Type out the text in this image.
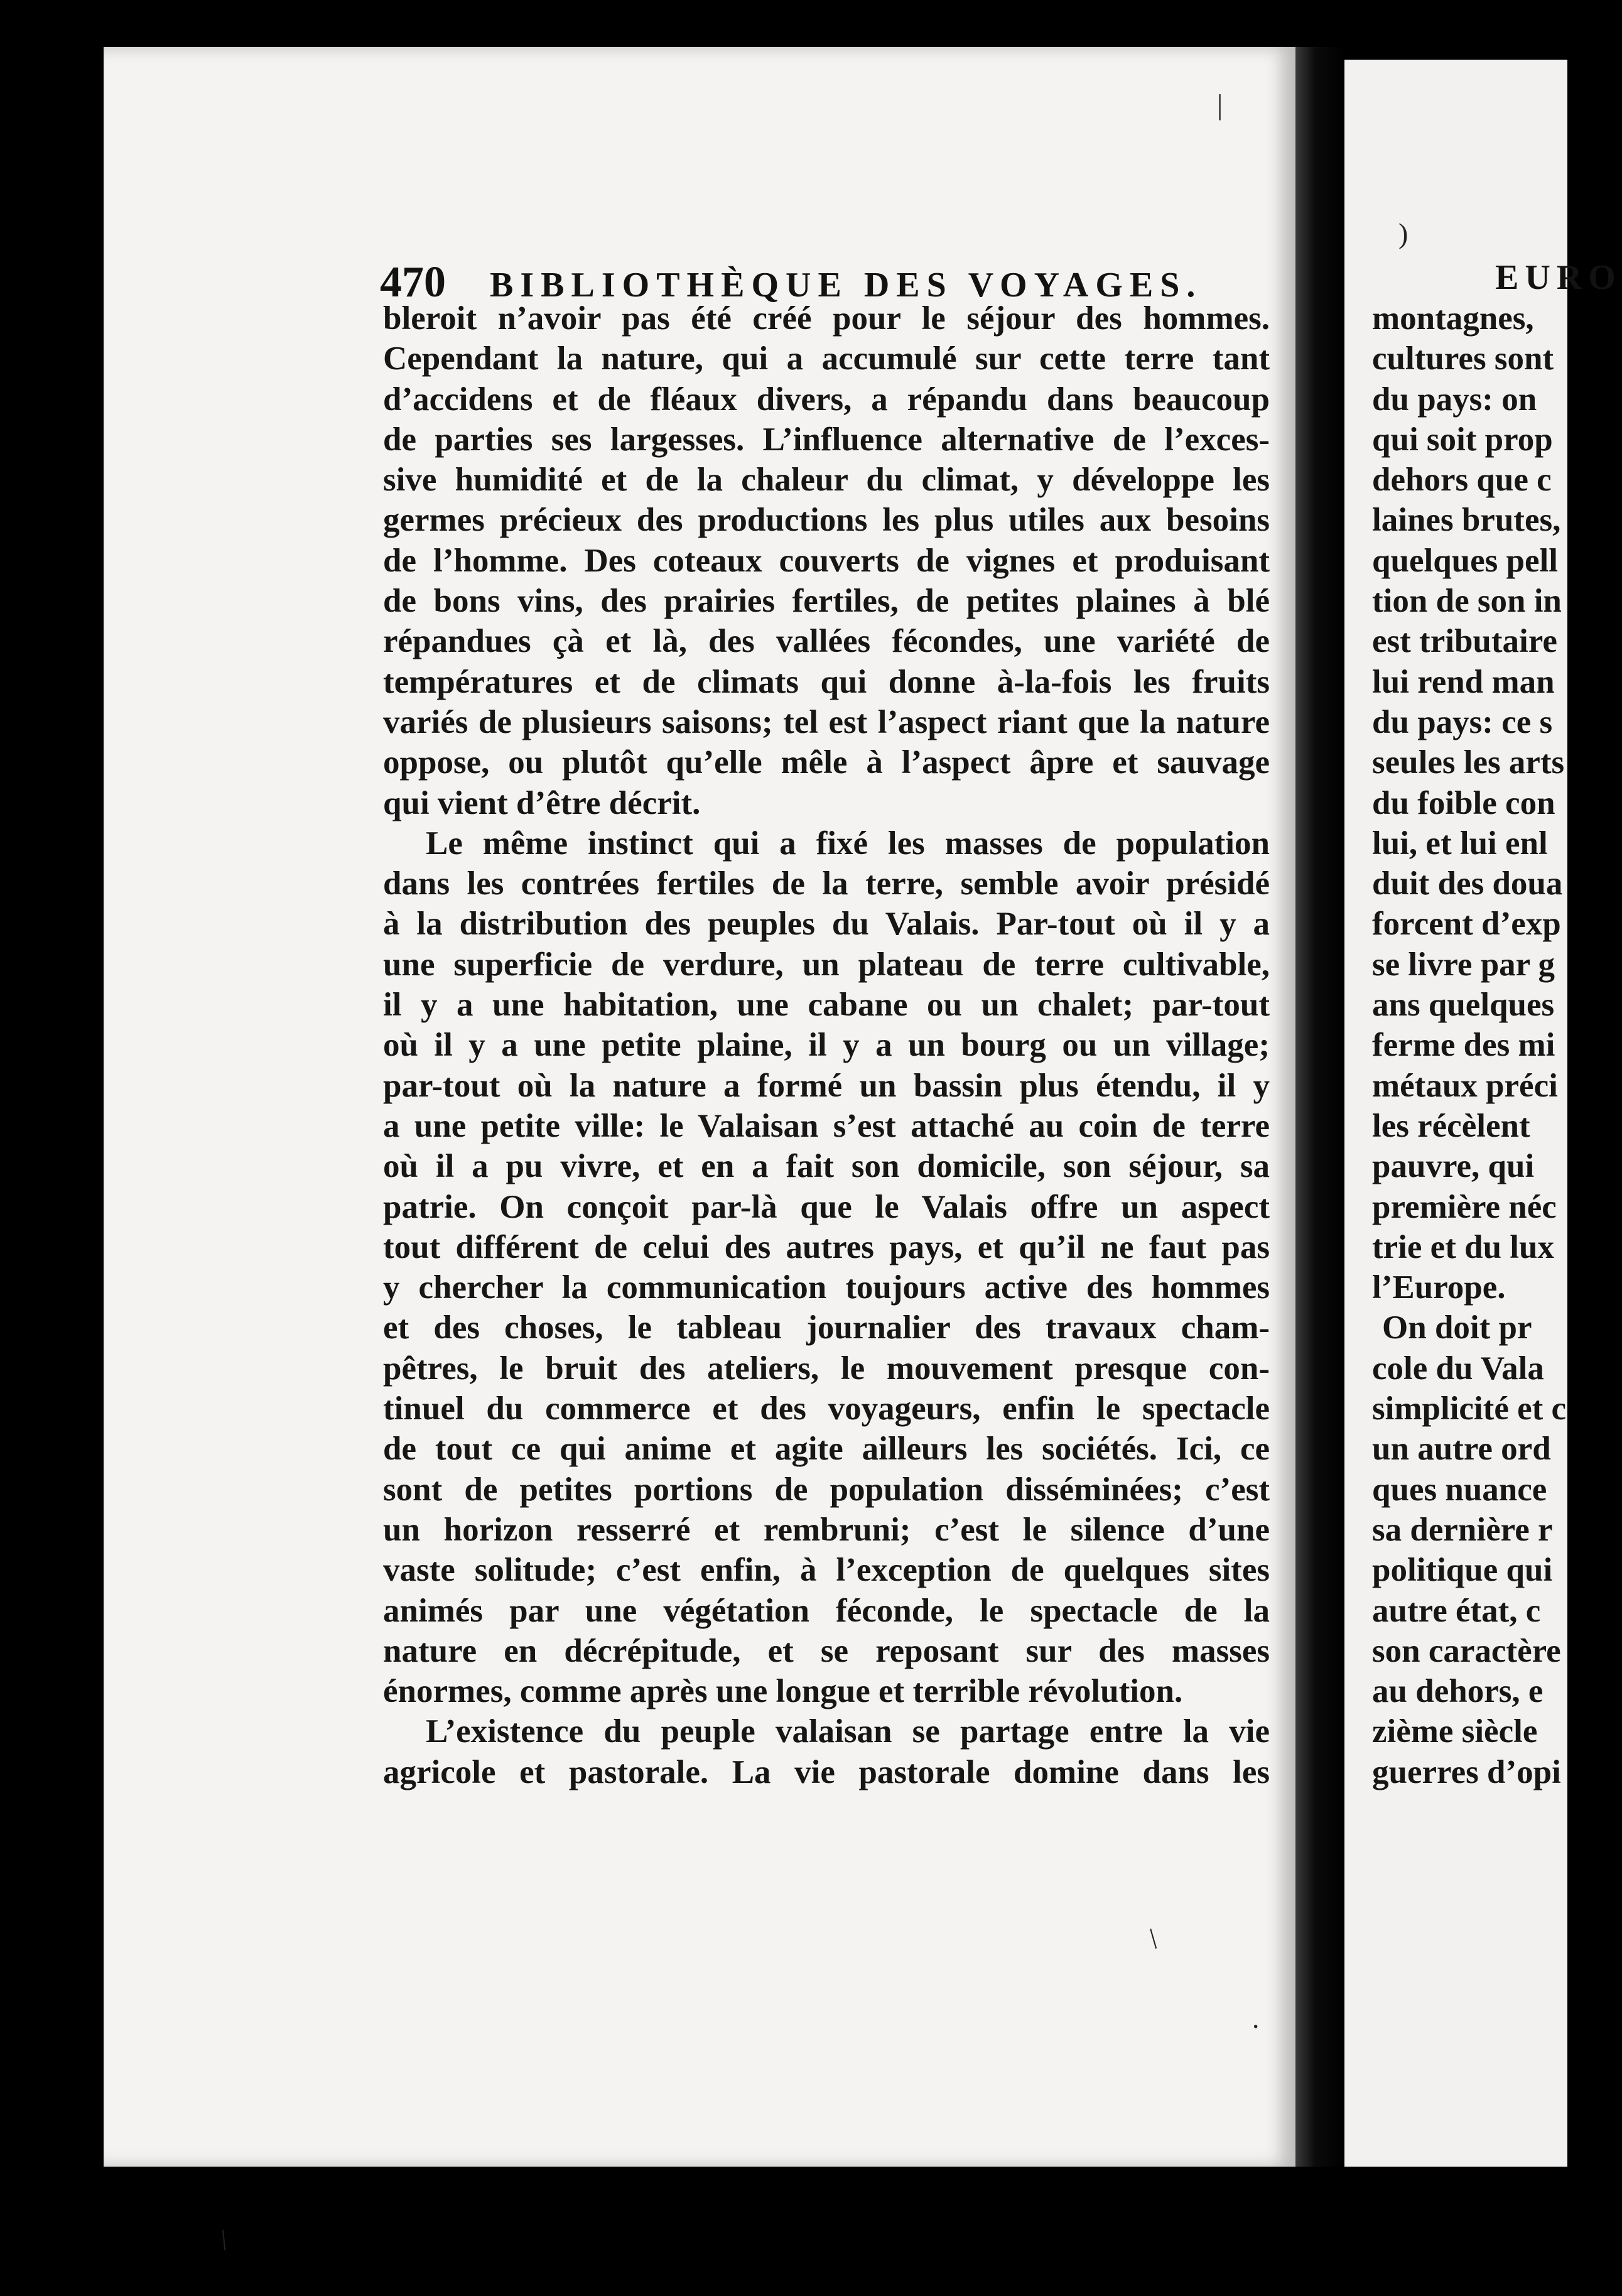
470	BIBLIOTHÈQUE DES VOYAGES.
bleroit n’avoir pas été créé pour le séjour des hommes.
Cependant la nature, qui a accumulé sur cette terre tant
d’accidens et de fléaux divers, a répandu dans beaucoup
de parties ses largesses. L’influence alternative de l’exces-
sive humidité et de la chaleur du climat, y développe les
germes précieux des productions les plus utiles aux besoins
de l’homme. Des coteaux couverts de vignes et produisant
de bons vins, des prairies fertiles, de petites plaines à blé
répandues çà et là, des vallées fécondes, une variété de
températures et de climats qui donne à-la-fois les fruits
variés de plusieurs saisons; tel est l’aspect riant que la nature
oppose, ou plutôt qu’elle mêle à l’aspect âpre et sauvage
qui vient d’être décrit.
Le même instinct qui a fixé les masses de population
dans les contrées fertiles de la terre, semble avoir présidé
à la distribution des peuples du Valais. Par-tout où il y a
une superficie de verdure, un plateau de terre cultivable,
il y a une habitation, une cabane ou un chalet; par-tout
où il y a une petite plaine, il y a un bourg ou un village;
par-tout où la nature a formé un bassin plus étendu, il y
a une petite ville: le Valaisan s’est attaché au coin de terre
où il a pu vivre, et en a fait son domicile, son séjour, sa
patrie. On conçoit par-là que le Valais offre un aspect
tout différent de celui des autres pays, et qu’il ne faut pas
y chercher la communication toujours active des hommes
et des choses, le tableau journalier des travaux cham-
pêtres, le bruit des ateliers, le mouvement presque con-
tinuel du commerce et des voyageurs, enfin le spectacle
de tout ce qui anime et agite ailleurs les sociétés. Ici, ce
sont de petites portions de population disséminées; c’est
un horizon resserré et rembruni; c’est le silence d’une
vaste solitude; c’est enfin, à l’exception de quelques sites
animés par une végétation féconde, le spectacle de la
nature en décrépitude, et se reposant sur des masses
énormes, comme après une longue et terrible révolution.
L’existence du peuple valaisan se partage entre la vie
agricole et pastorale. La vie pastorale domine dans les
EURO
montagnes,
cultures sont
du pays: on
qui soit prop
dehors que c
laines brutes,
quelques pell
tion de son in
est tributaire
lui rend man
du pays: ce s
seules les arts
du foible con
lui, et lui enl
duit des doua
forcent d’exp
se livre par g
ans quelques
ferme des mi
métaux préci
les récèlent
pauvre, qui
première néc
trie et du lux
l’Europe.
On doit pr
cole du Vala
simplicité et c
un autre ord
ques nuance
sa dernière r
politique qui
autre état, c
son caractère
au dehors, e
zième siècle
guerres d’opi
|
)
/
·
/
